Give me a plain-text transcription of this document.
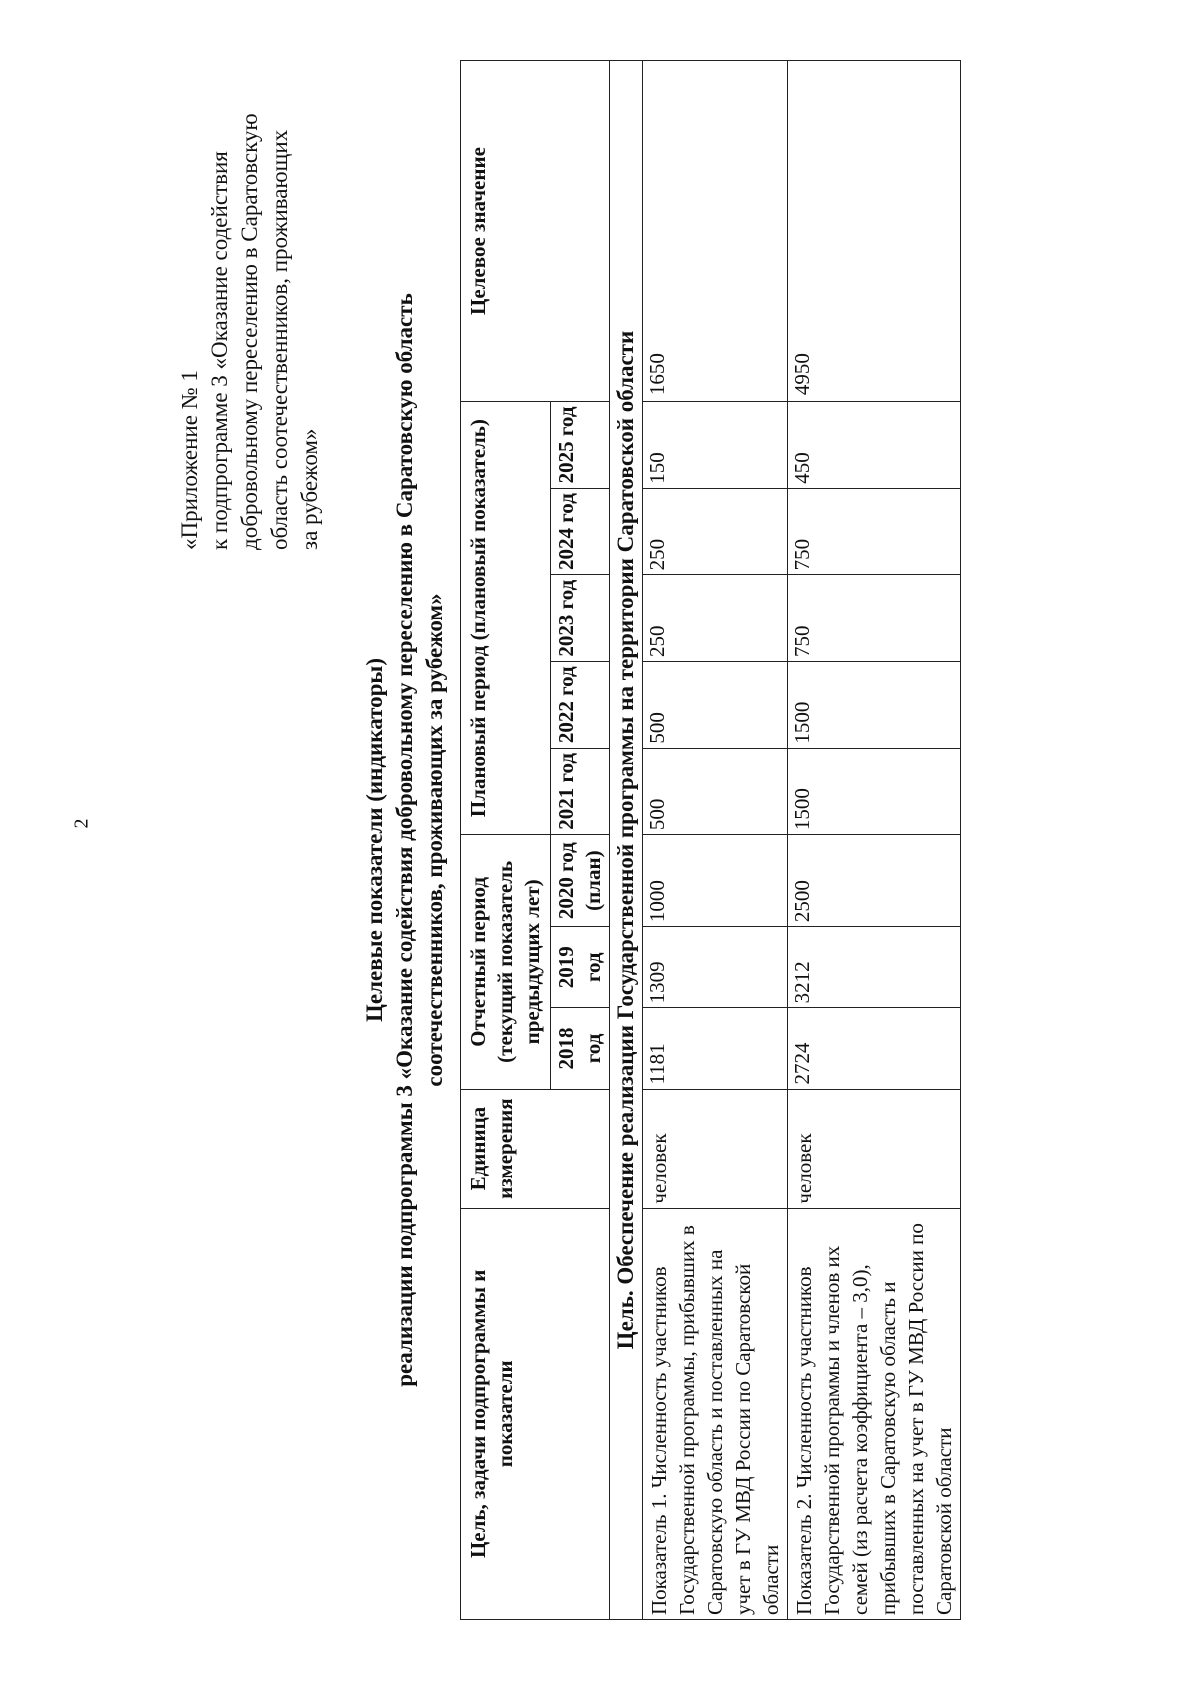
2
«Приложение № 1 к подпрограмме 3 «Оказание содействия добровольному переселению в Саратовскую область соотечественников, проживающих за рубежом»
Целевые показатели (индикаторы) реализации подпрограммы 3 «Оказание содействия добровольному переселению в Саратовскую область соотечественников, проживающих за рубежом»
Цель, задачи подпрограммы и показатели	Единица измерения	Отчетный период (текущий показатель предыдущих лет)			Плановый период (плановый показатель)					Целевое значение
		2018 год	2019 год	2020 год (план)	2021 год	2022 год	2023 год	2024 год	2025 год	
Цель. Обеспечение реализации Государственной программы на территории Саратовской области										
Показатель 1. Численность участников Государственной программы, прибывших в Саратовскую область и поставленных на учет в ГУ МВД России по Саратовской области	человек	1181	1309	1000	500	500	250	250	150	1650
Показатель 2. Численность участников Государственной программы и членов их семей (из расчета коэффициента – 3,0), прибывших в Саратовскую область и поставленных на учет в ГУ МВД России по Саратовской области	человек	2724	3212	2500	1500	1500	750	750	450	4950
